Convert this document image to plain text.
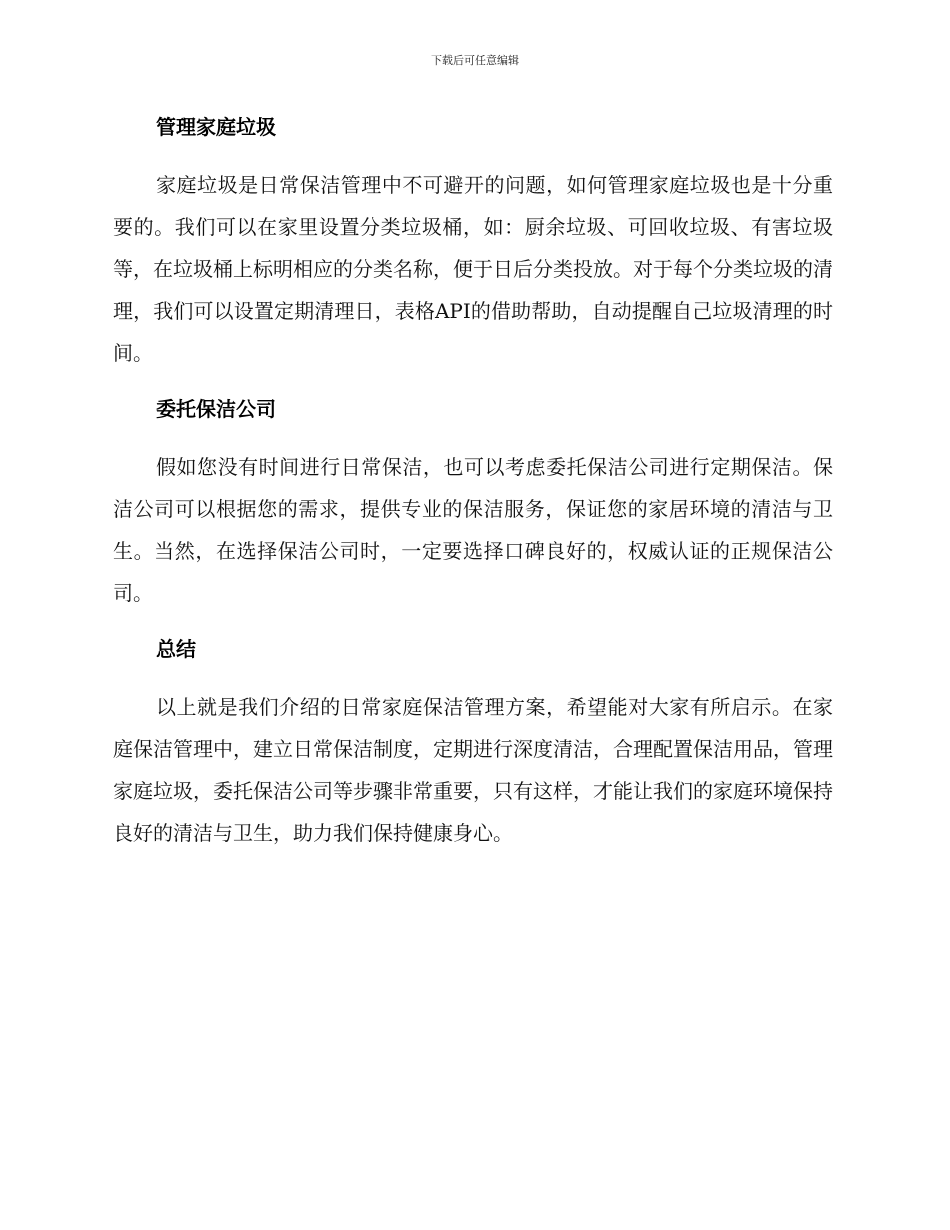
下载后可任意编辑
管理家庭垃圾

家庭垃圾是日常保洁管理中不可避开的问题，如何管理家庭垃圾也是十分重要的。我们可以在家里设置分类垃圾桶，如：厨余垃圾、可回收垃圾、有害垃圾等，在垃圾桶上标明相应的分类名称，便于日后分类投放。对于每个分类垃圾的清理，我们可以设置定期清理日，表格API的借助帮助，自动提醒自己垃圾清理的时间。

委托保洁公司

假如您没有时间进行日常保洁，也可以考虑委托保洁公司进行定期保洁。保洁公司可以根据您的需求，提供专业的保洁服务，保证您的家居环境的清洁与卫生。当然，在选择保洁公司时，一定要选择口碑良好的，权威认证的正规保洁公司。

总结

以上就是我们介绍的日常家庭保洁管理方案，希望能对大家有所启示。在家庭保洁管理中，建立日常保洁制度，定期进行深度清洁，合理配置保洁用品，管理家庭垃圾，委托保洁公司等步骤非常重要，只有这样，才能让我们的家庭环境保持良好的清洁与卫生，助力我们保持健康身心。
